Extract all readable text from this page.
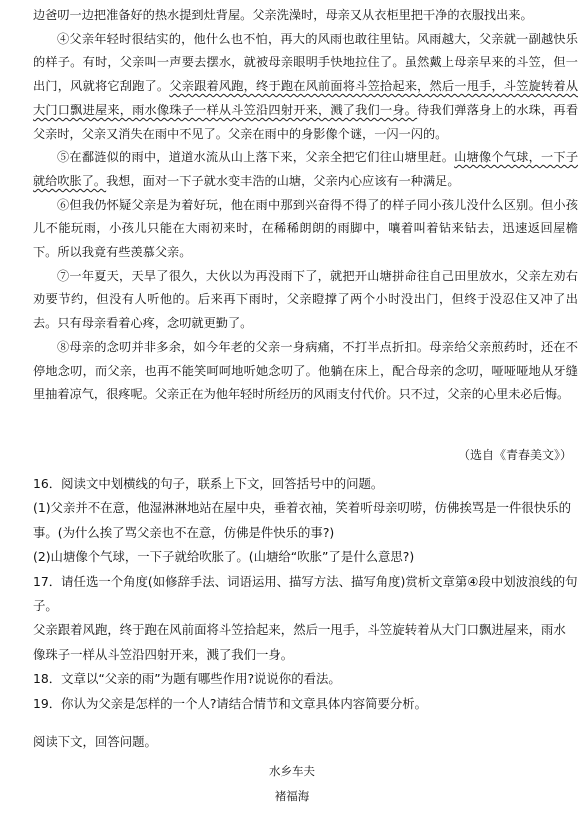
边爸叨一边把准备好的热水提到灶背屋。父亲洗澡时，母亲又从衣柜里把干净的衣服找出来。

④父亲年轻时很结实的，他什么也不怕，再大的风雨也敢往里钻。风雨越大，父亲就一副越快乐的样子。有时，父亲叫一声要去摆水，就被母亲眼明手快地拉住了。虽然戴上母亲早来的斗笠，但一出门，风就将它刮跑了。父亲跟着风跑，终于跑在风前面将斗笠拾起来，然后一甩手，斗笠旋转着从大门口飘进屋来，雨水像珠子一样从斗笠沿四射开来，溅了我们一身。待我们弹落身上的水珠，再看父亲时，父亲又消失在雨中不见了。父亲在雨中的身影像个谜，一闪一闪的。

⑤在鄱涟似的雨中，道道水流从山上落下来，父亲全把它们往山塘里赶。山塘像个气球，一下子就给吹胀了。我想，面对一下子就水变丰浩的山塘，父亲内心应该有一种满足。

⑥但我仍怀疑父亲是为着好玩，他在雨中那到兴奋得不得了的样子同小孩儿没什么区别。但小孩儿不能玩雨，小孩儿只能在大雨初来时，在稀稀朗朗的雨脚中，嚷着叫着钻来钻去，迅速返回屋檐下。所以我竟有些羡慕父亲。

⑦一年夏天，天旱了很久，大伙以为再没雨下了，就把开山塘拼命往自己田里放水，父亲左劝右劝要节约，但没有人听他的。后来再下雨时，父亲瞪撑了两个小时没出门，但终于没忍住又冲了出去。只有母亲看着心疼，念叨就更勤了。

⑧母亲的念叨并非多余，如今年老的父亲一身病痛，不打半点折扣。母亲给父亲煎药时，还在不停地念叨，而父亲，也再不能笑呵呵地听她念叨了。他躺在床上，配合母亲的念叨，哑哑哑地从牙缝里抽着凉气，很疼呢。父亲正在为他年轻时所经历的风雨支付代价。只不过，父亲的心里未必后悔。

（选自《青春美文》）

16．阅读文中划横线的句子，联系上下文，回答括号中的问题。

(1)父亲并不在意，他湿淋淋地站在屋中央，垂着衣袖，笑着听母亲叨唠，仿佛挨骂是一件很快乐的事。(为什么挨了骂父亲也不在意，仿佛是件快乐的事?)

(2)山塘像个气球，一下子就给吹胀了。(山塘给“吹胀”了是什么意思?)

17．请任选一个角度(如修辞手法、词语运用、描写方法、描写角度)赏析文章第④段中划波浪线的句子。

父亲跟着风跑，终于跑在风前面将斗笠拾起来，然后一甩手，斗笠旋转着从大门口飘进屋来，雨水像珠子一样从斗笠沿四射开来，溅了我们一身。

18．文章以“父亲的雨”为题有哪些作用?说说你的看法。

19．你认为父亲是怎样的一个人?请结合情节和文章具体内容简要分析。

阅读下文，回答问题。
水乡车夫
褚福海
